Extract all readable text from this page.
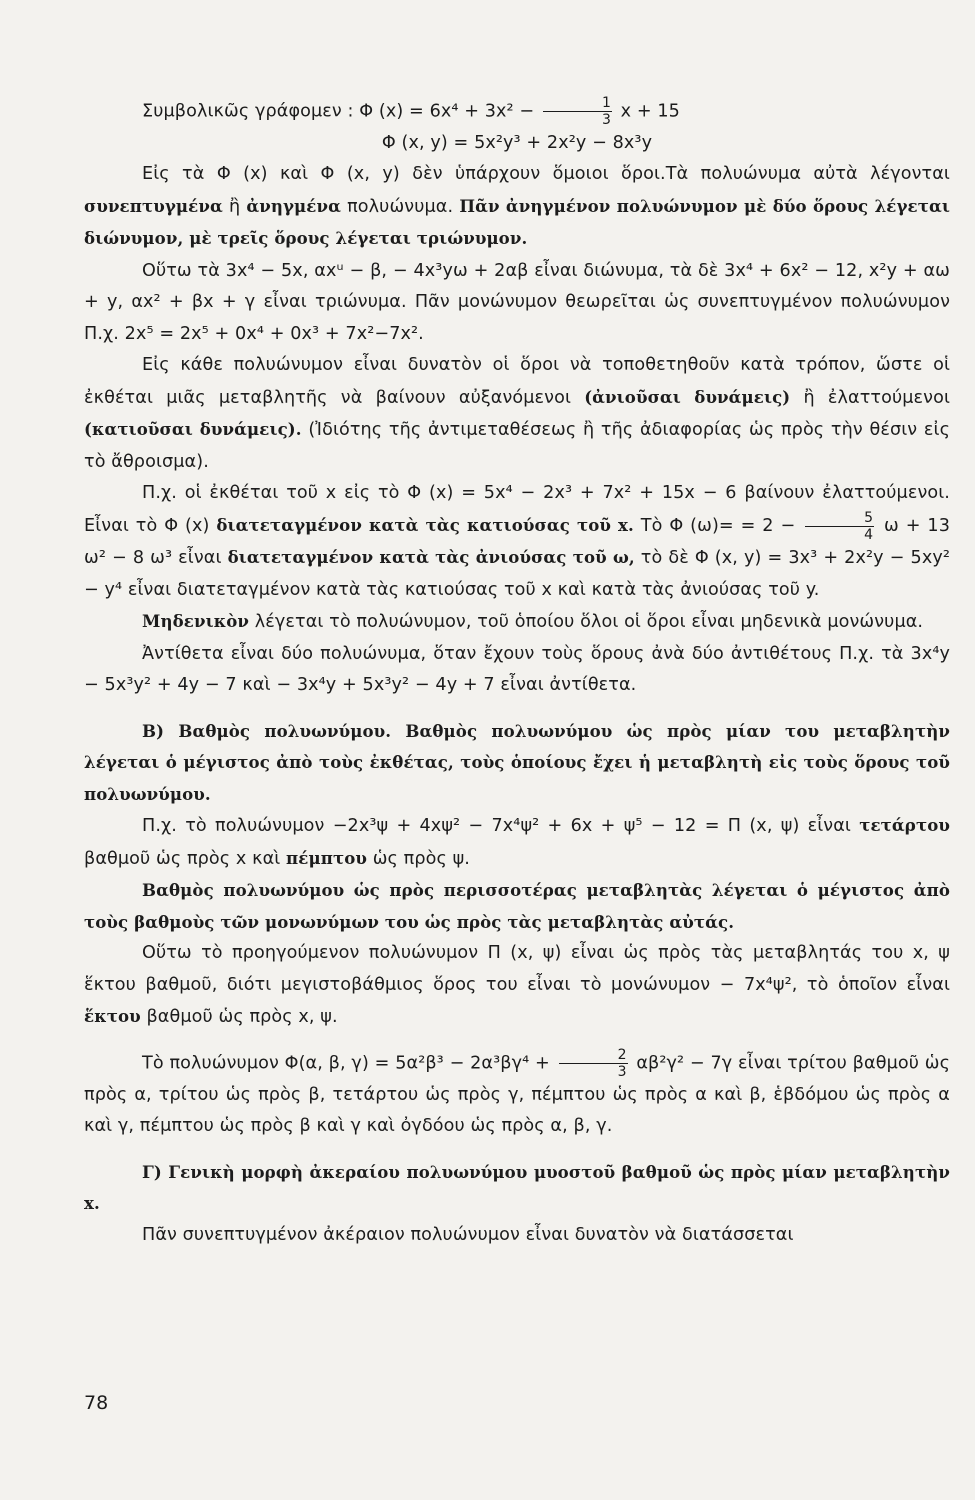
Συμβολικῶς γράφομεν : Φ $(x) = 6x^4 + 3x^2 - \frac{1}{3}$ x + 15

Φ (x, y) = 5x²y³ + 2x²y − 8x³y

Εἰς τὰ Φ (x) καὶ Φ (x, y) δὲν ὑπάρχουν ὅμοιοι ὅροι.Τὰ πολυώνυμα αὐτὰ λέγονται συνεπτυγμένα ἢ ἀνηγμένα πολυώνυμα. Πᾶν ἀνηγμένον πολυώνυμον μὲ δύο ὅρους λέγεται διώνυμον, μὲ τρεῖς ὅρους λέγεται τριώνυμον.

Οὕτω τὰ 3x⁴ − 5x, αxᵘ − β, − 4x³yω + 2αβ εἶναι διώνυμα, τὰ δὲ 3x⁴ + 6x² − 12, x²y + αω + y, αx² + βx + γ εἶναι τριώνυμα. Πᾶν μονώνυμον θεωρεῖται ὡς συνεπτυγμένον πολυώνυμον Π.χ. 2x⁵ = 2x⁵ + 0x⁴ + 0x³ + 7x²−7x².

Εἰς κάθε πολυώνυμον εἶναι δυνατὸν οἱ ὅροι νὰ τοποθετηθοῦν κατὰ τρόπον, ὥστε οἱ ἐκθέται μιᾶς μεταβλητῆς νὰ βαίνουν αὐξανόμενοι (ἀνιοῦσαι δυνάμεις) ἢ ἐλαττούμενοι (κατιοῦσαι δυνάμεις). (Ἰδιότης τῆς ἀντιμεταθέσεως ἢ τῆς ἀδιαφορίας ὡς πρὸς τὴν θέσιν εἰς τὸ ἄθροισμα).

Π.χ. οἱ ἐκθέται τοῦ x εἰς τὸ Φ (x) = 5x⁴ − 2x³ + 7x² + 15x − 6 βαίνουν ἐλαττούμενοι. Εἶναι τὸ Φ (x) διατεταγμένον κατὰ τὰς κατιούσας τοῦ x. Τὸ Φ $(\omega)= = 2 - \frac{5}{4}$ ω + 13 ω² − 8 ω³ εἶναι διατεταγμένον κατὰ τὰς ἀνιούσας τοῦ ω, τὸ δὲ Φ (x, y) = 3x³ + 2x²y − 5xy² − y⁴ εἶναι διατεταγμένον κατὰ τὰς κατιούσας τοῦ x καὶ κατὰ τὰς ἀνιούσας τοῦ y.

Μηδενικὸν λέγεται τὸ πολυώνυμον, τοῦ ὁποίου ὅλοι οἱ ὅροι εἶναι μηδενικὰ μονώνυμα.

Ἀντίθετα εἶναι δύο πολυώνυμα, ὅταν ἔχουν τοὺς ὅρους ἀνὰ δύο ἀντιθέτους Π.χ. τὰ 3x⁴y − 5x³y² + 4y − 7 καὶ − 3x⁴y + 5x³y² − 4y + 7 εἶναι ἀντίθετα.

Β) Βαθμὸς πολυωνύμου. Βαθμὸς πολυωνύμου ὡς πρὸς μίαν του μεταβλητὴν λέγεται ὁ μέγιστος ἀπὸ τοὺς ἐκθέτας, τοὺς ὁποίους ἔχει ἡ μεταβλητὴ εἰς τοὺς ὅρους τοῦ πολυωνύμου.

Π.χ. τὸ πολυώνυμον −2x³ψ + 4xψ² − 7x⁴ψ² + 6x + ψ⁵ − 12 = Π (x, ψ) εἶναι τετάρτου βαθμοῦ ὡς πρὸς x καὶ πέμπτου ὡς πρὸς ψ.

Βαθμὸς πολυωνύμου ὡς πρὸς περισσοτέρας μεταβλητὰς λέγεται ὁ μέγιστος ἀπὸ τοὺς βαθμοὺς τῶν μονωνύμων του ὡς πρὸς τὰς μεταβλητὰς αὐτάς.

Οὕτω τὸ προηγούμενον πολυώνυμον Π (x, ψ) εἶναι ὡς πρὸς τὰς μεταβλητάς του x, ψ ἕκτου βαθμοῦ, διότι μεγιστοβάθμιος ὅρος του εἶναι τὸ μονώνυμον − 7x⁴ψ², τὸ ὁποῖον εἶναι ἕκτου βαθμοῦ ὡς πρὸς x, ψ.

Τὸ πολυώνυμον Φ(α, β, $\gamma) = 5\alpha^2\beta^3 - 2\alpha^3\beta\gamma^4 + \frac{2}{3} \alpha\beta^2\gamma^2 - 7\gamma$ εἶναι τρίτου βαθμοῦ ὡς πρὸς α, τρίτου ὡς πρὸς β, τετάρτου ὡς πρὸς γ, πέμπτου ὡς πρὸς α καὶ β, ἑβδόμου ὡς πρὸς α καὶ γ, πέμπτου ὡς πρὸς β καὶ γ καὶ ὀγδόου ὡς πρὸς α, β, γ.

Γ) Γενικὴ μορφὴ ἀκεραίου πολυωνύμου μυοστοῦ βαθμοῦ ὡς πρὸς μίαν μεταβλητὴν x.

Πᾶν συνεπτυγμένον ἀκέραιον πολυώνυμον εἶναι δυνατὸν νὰ διατάσσεται

78
